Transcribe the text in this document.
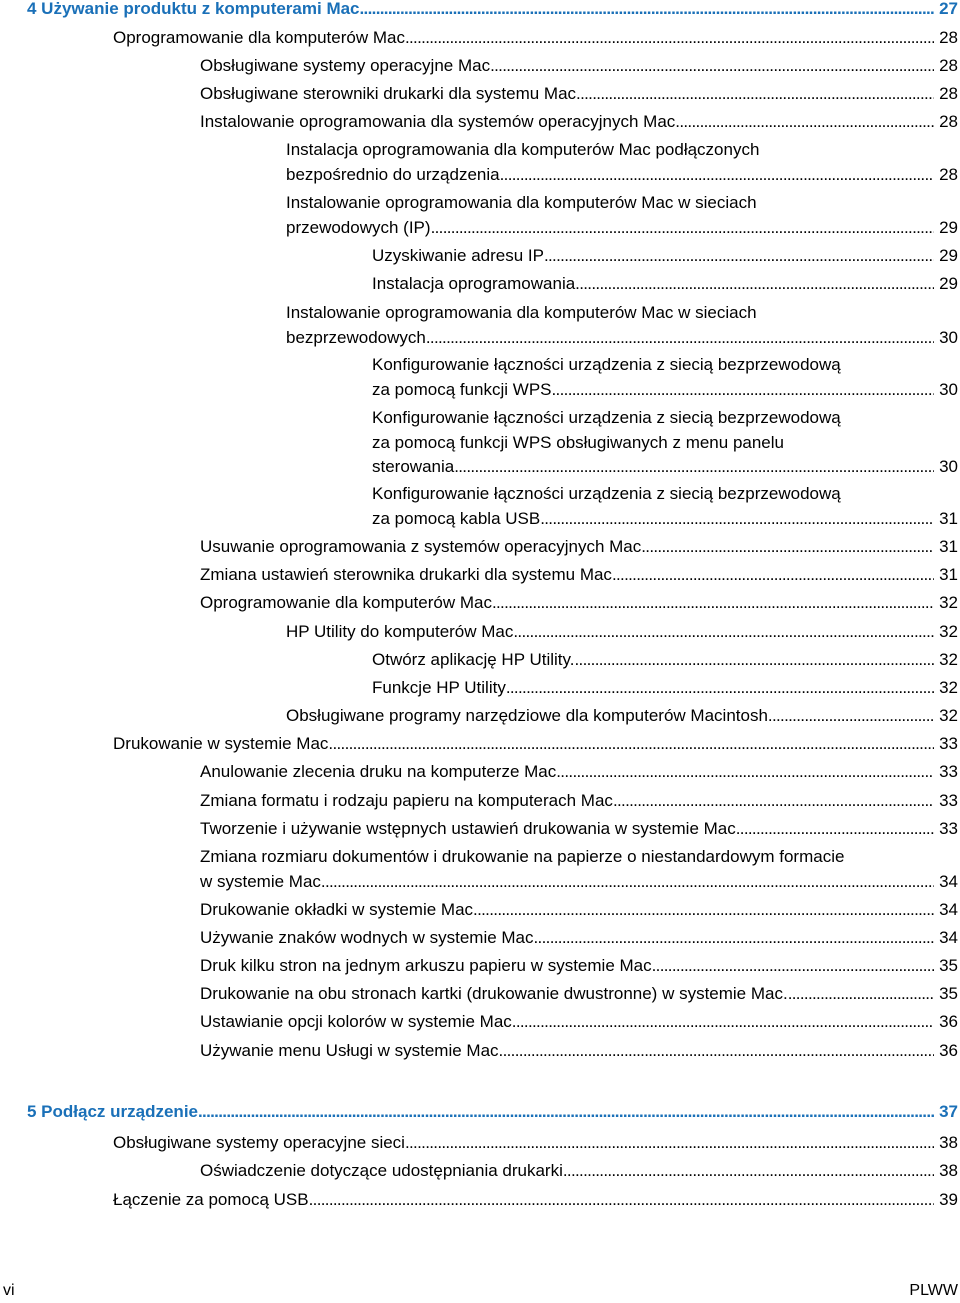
4 Używanie produktu z komputerami Mac . . .	27
Oprogramowanie dla komputerów Mac . . .	28
Obsługiwane systemy operacyjne Mac . . .	28
Obsługiwane sterowniki drukarki dla systemu Mac . . .	28
Instalowanie oprogramowania dla systemów operacyjnych Mac . . .	28
Instalacja oprogramowania dla komputerów Mac podłączonych
bezpośrednio do urządzenia . . .	28
Instalowanie oprogramowania dla komputerów Mac w sieciach
przewodowych (IP) . . .	29
Uzyskiwanie adresu IP . . .	29
Instalacja oprogramowania . . .	29
Instalowanie oprogramowania dla komputerów Mac w sieciach
bezprzewodowych . . .	30
Konfigurowanie łączności urządzenia z siecią bezprzewodową
za pomocą funkcji WPS . . .	30
Konfigurowanie łączności urządzenia z siecią bezprzewodową
za pomocą funkcji WPS obsługiwanych z menu panelu
sterowania . . .	30
Konfigurowanie łączności urządzenia z siecią bezprzewodową
za pomocą kabla USB . . .	31
Usuwanie oprogramowania z systemów operacyjnych Mac . . .	31
Zmiana ustawień sterownika drukarki dla systemu Mac . . .	31
Oprogramowanie dla komputerów Mac . . .	32
HP Utility do komputerów Mac . . .	32
Otwórz aplikację HP Utility. . . .	32
Funkcje HP Utility . . .	32
Obsługiwane programy narzędziowe dla komputerów Macintosh . . .	32
Drukowanie w systemie Mac . . .	33
Anulowanie zlecenia druku na komputerze Mac . . .	33
Zmiana formatu i rodzaju papieru na komputerach Mac . . .	33
Tworzenie i używanie wstępnych ustawień drukowania w systemie Mac . . .	33
Zmiana rozmiaru dokumentów i drukowanie na papierze o niestandardowym formacie
w systemie Mac . . .	34
Drukowanie okładki w systemie Mac . . .	34
Używanie znaków wodnych w systemie Mac . . .	34
Druk kilku stron na jednym arkuszu papieru w systemie Mac . . .	35
Drukowanie na obu stronach kartki (drukowanie dwustronne) w systemie Mac. . . .	35
Ustawianie opcji kolorów w systemie Mac . . .	36
Używanie menu Usługi w systemie Mac . . .	36
5 Podłącz urządzenie . . .	37
Obsługiwane systemy operacyjne sieci . . .	38
Oświadczenie dotyczące udostępniania drukarki . . .	38
Łączenie za pomocą USB . . .	39
vi	PLWW
